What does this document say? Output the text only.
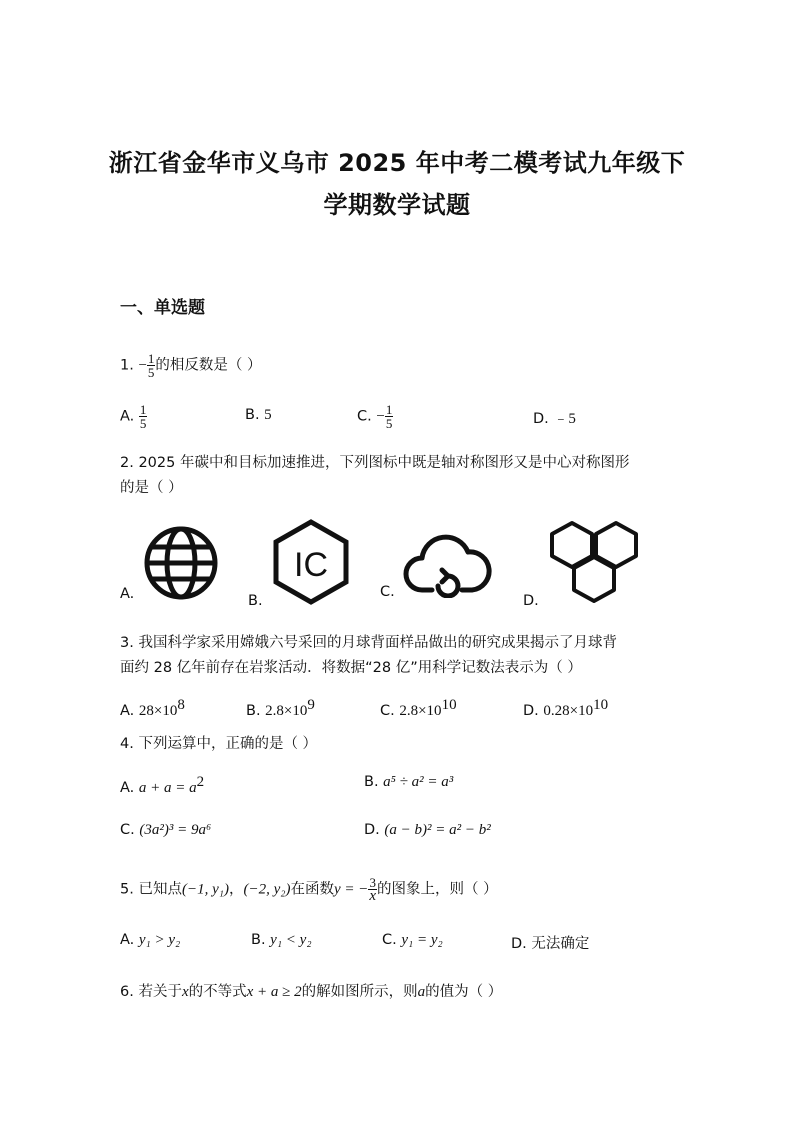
浙江省金华市义乌市 2025 年中考二模考试九年级下
学期数学试题
一、单选题
1. − $\frac{1}{5}$ 的相反数是（ ）
A. $\frac{1}{5}$	B. 5	C. − $\frac{1}{5}$	D. ﹣5
2. 2025 年碳中和目标加速推进，下列图标中既是轴对称图形又是中心对称图形
的是（ ）
A.	B.
IC
C.
D.
3. 我国科学家采用嫦娥六号采回的月球背面样品做出的研究成果揭示了月球背
面约 28 亿年前存在岩浆活动．将数据“28 亿”用科学记数法表示为（ ）
A. $28\times 10^8$	B. $2.8\times 10^9$	C. $2.8\times 10^{10}$	D. $0.28\times 10^{10}$
4. 下列运算中，正确的是（ ）
A. $a + a = a^2$	B. a⁵ ÷ a² = a³
C. (3a²)³ = 9a⁶	D. (a − b)² = a² − b²
5. 已知点(−1, y₁)，(−2, y₂)在函数y = − $\frac{3}{x}$ 的图象上，则（ ）
A. y₁ > y₂	B. y₁ < y₂	C. y₁ = y₂	D. 无法确定
6. 若关于x的不等式x + a ≥ 2的解如图所示，则a的值为（ ）
